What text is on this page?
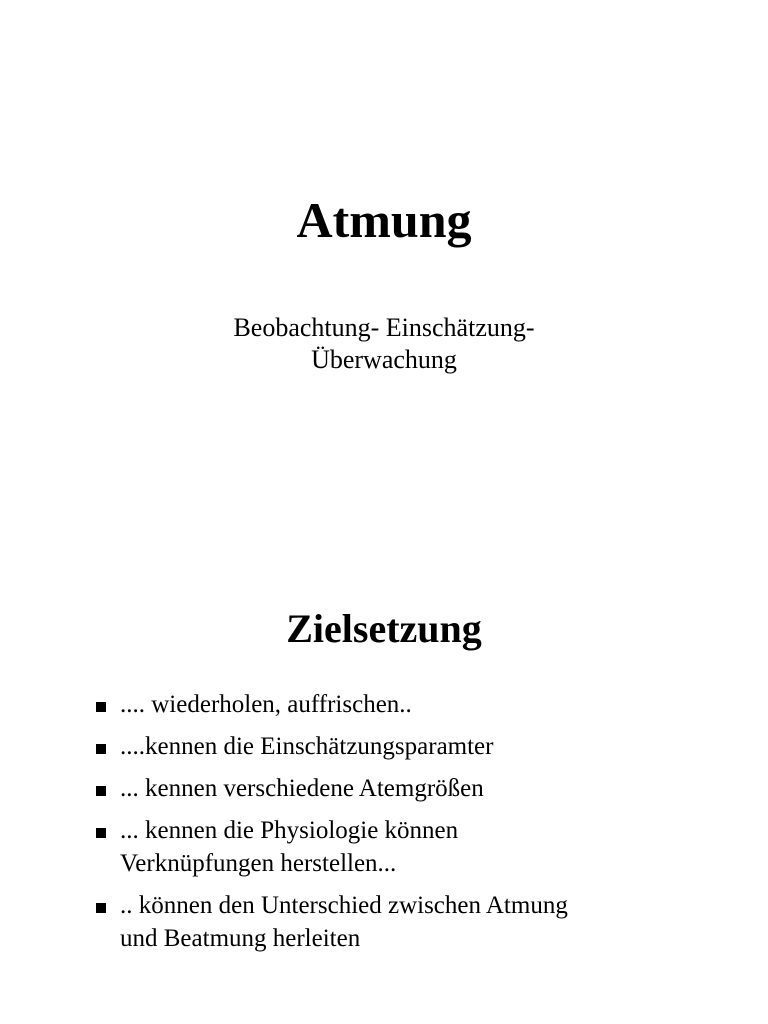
Atmung

Beobachtung- Einschätzung-
Überwachung

Zielsetzung
.... wiederholen, auffrischen..
....kennen die Einschätzungsparamter
... kennen verschiedene Atemgrößen
... kennen die Physiologie können
Verknüpfungen herstellen...
.. können den Unterschied zwischen Atmung
und Beatmung herleiten
